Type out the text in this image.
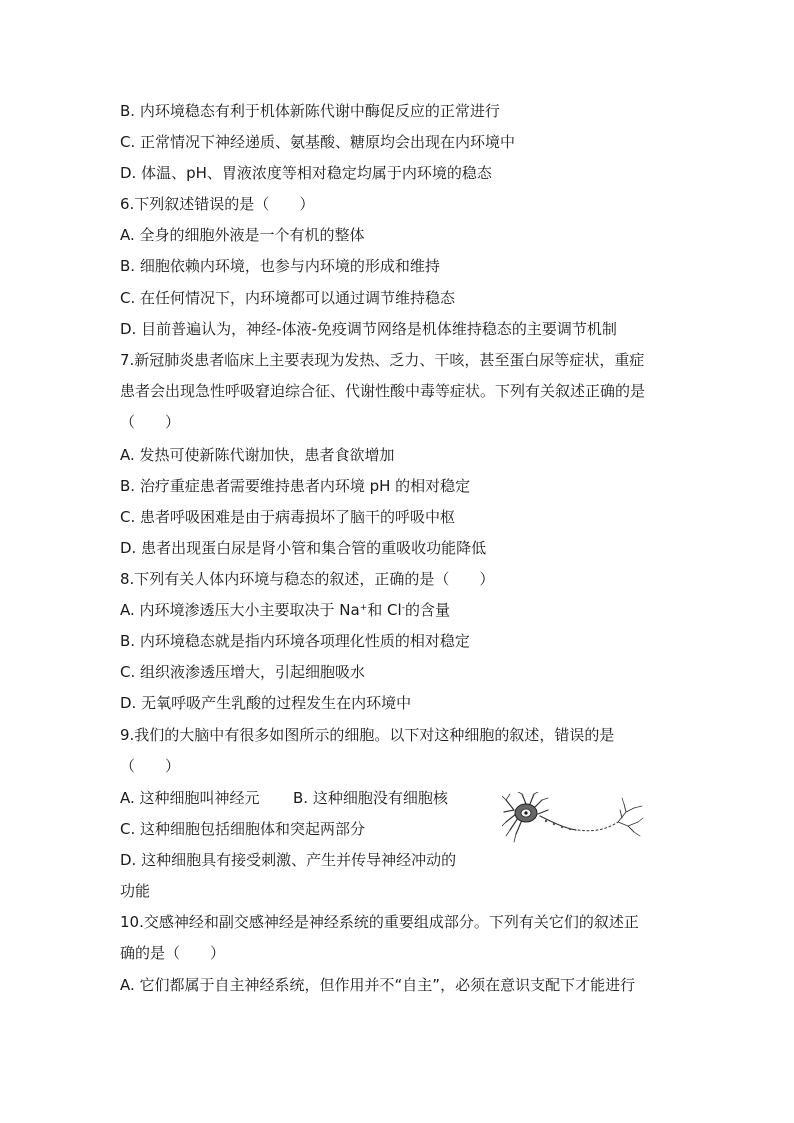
B. 内环境稳态有利于机体新陈代谢中酶促反应的正常进行
C. 正常情况下神经递质、氨基酸、糖原均会出现在内环境中
D. 体温、pH、胃液浓度等相对稳定均属于内环境的稳态
6.下列叙述错误的是（　　）
A. 全身的细胞外液是一个有机的整体
B. 细胞依赖内环境，也参与内环境的形成和维持
C. 在任何情况下，内环境都可以通过调节维持稳态
D. 目前普遍认为，神经-体液-免疫调节网络是机体维持稳态的主要调节机制
7.新冠肺炎患者临床上主要表现为发热、乏力、干咳，甚至蛋白尿等症状，重症
患者会出现急性呼吸窘迫综合征、代谢性酸中毒等症状。下列有关叙述正确的是
（　　）
A. 发热可使新陈代谢加快，患者食欲增加
B. 治疗重症患者需要维持患者内环境 pH 的相对稳定
C. 患者呼吸困难是由于病毒损坏了脑干的呼吸中枢
D. 患者出现蛋白尿是肾小管和集合管的重吸收功能降低
8.下列有关人体内环境与稳态的叙述，正确的是（　　）
A. 内环境渗透压大小主要取决于 Na+和 Cl-的含量
B. 内环境稳态就是指内环境各项理化性质的相对稳定
C. 组织液渗透压增大，引起细胞吸水
D. 无氧呼吸产生乳酸的过程发生在内环境中
9.我们的大脑中有很多如图所示的细胞。以下对这种细胞的叙述，错误的是
（　　）
A. 这种细胞叫神经元 B. 这种细胞没有细胞核
C. 这种细胞包括细胞体和突起两部分
D. 这种细胞具有接受刺激、产生并传导神经冲动的
功能
10.交感神经和副交感神经是神经系统的重要组成部分。下列有关它们的叙述正
确的是（　　）
A. 它们都属于自主神经系统，但作用并不“自主”，必须在意识支配下才能进行
